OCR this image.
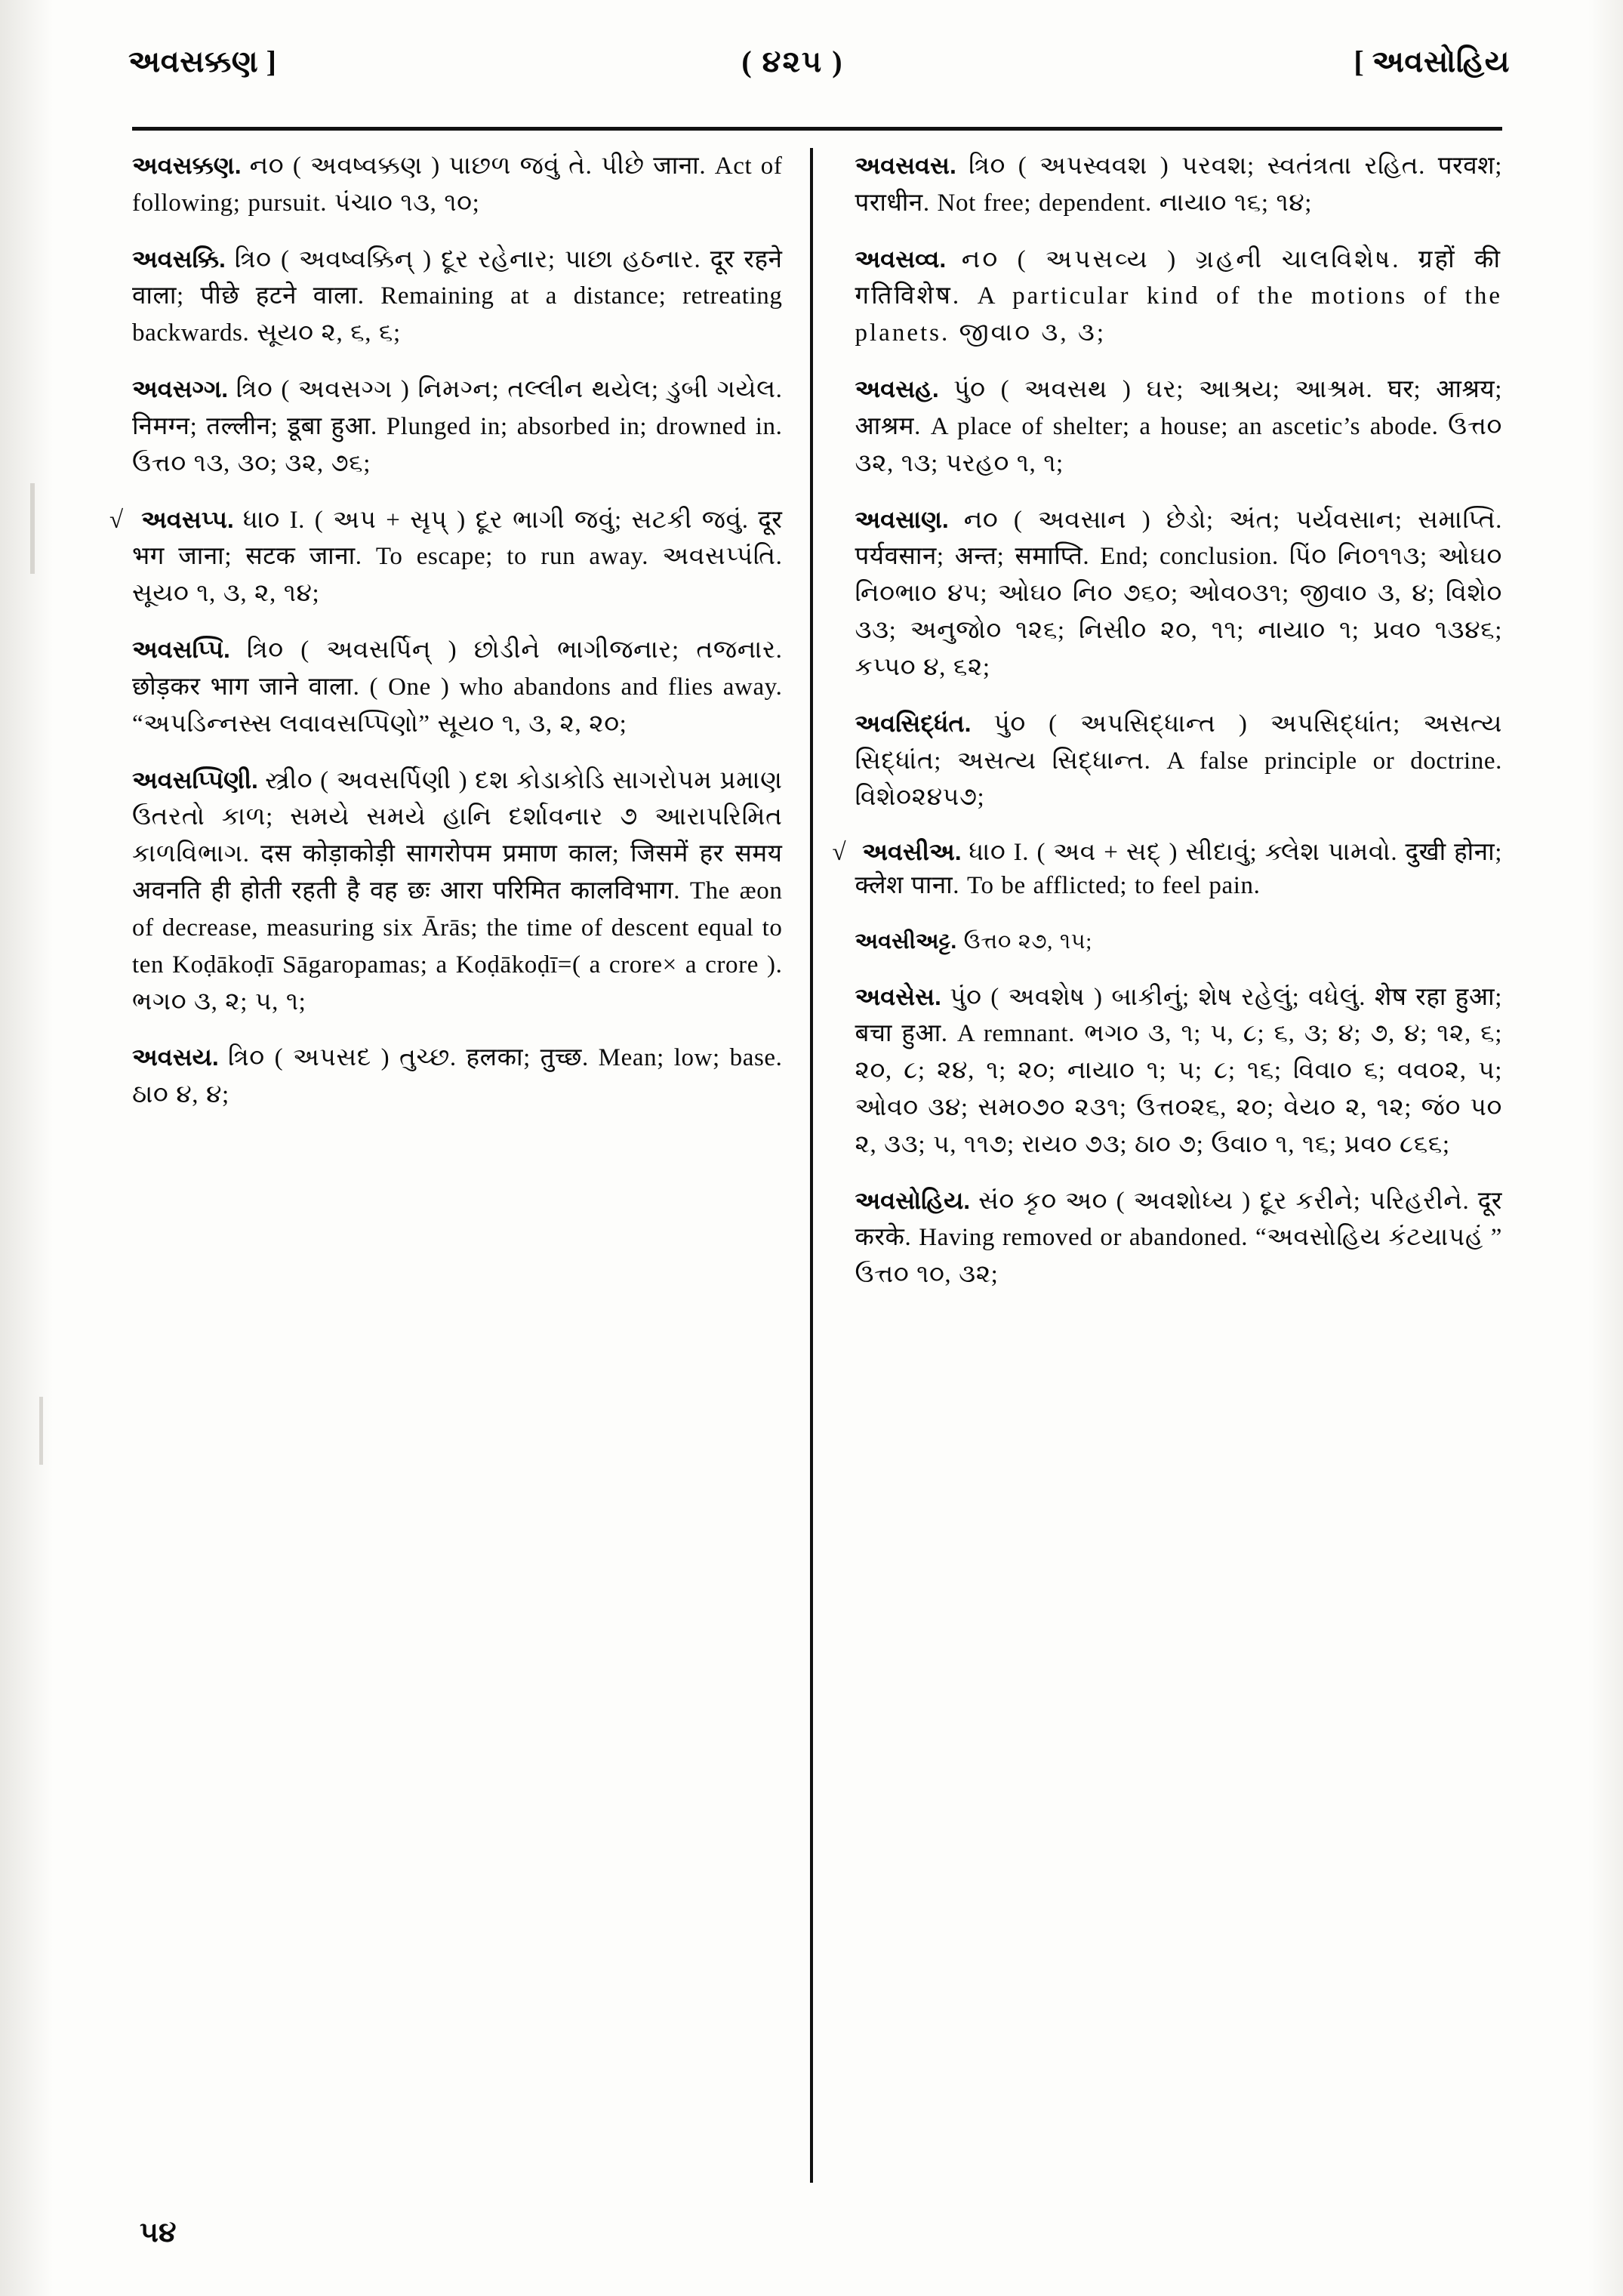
અવસક્કણ ]	( ૪૨૫ )	[ અવસોહિય
અવસક્કણ. ન૦ ( અવષ્વક્કણ ) પાછળ જવું તે. પીછે जाना. Act of following; pursuit. પંચા૦ ૧૩, ૧૦;
અવસક્કિ. ત્રિ૦ ( અવષ્વક્કિન્ ) દૂર રહેનાર; પાછા હઠનાર. दूर रहने वाला; पीछे हटने वाला. Remaining at a distance; retreating backwards. સૂય૦ ૨, ૬, ૬;
અવસગ્ગ. ત્રિ૦ ( અવસગ્ગ ) નિમગ્ન; તલ્લીન થયેલ; ડુબી ગયેલ. निमग्न; तल्लीन; डूबा हुआ. Plunged in; absorbed in; drowned in. ઉત્ત૦ ૧૩, ૩૦; ૩૨, ૭૬;
√ અવસપ્પ. ધા૦ I. ( અપ + સૃપ્ ) દૂર ભાગી જવું; સટકી જવું. दूर भग जाना; सटक जाना. To escape; to run away. અવસપ્પંતિ. સૂય૦ ૧, ૩, ૨, ૧૪;
અવસપ્પિ. ત્રિ૦ ( અવસર્પિન્ ) છોડીને ભાગીજનાર; તજનાર. छोड़कर भाग जाने वाला. ( One ) who abandons and flies away. “અપડિન્નસ્સ લવાવસપ્પિણો” સૂય૦ ૧, ૩, ૨, ૨૦;
અવસપ્પિણી. સ્ત્રી૦ ( અવસર્પિણી ) દશ કોડાકોડિ સાગરોપમ પ્રમાણ ઉતરતો કાળ; સમયે સમયે હાનિ દર્શાવનાર ૭ આરાપરિમિત કાળવિભાગ. दस कोड़ाकोड़ी सागरोपम प्रमाण काल; जिसमें हर समय अवनति ही होती रहती है वह छः आरा परिमित कालविभाग. The æon of decrease, measuring six Ārās; the time of descent equal to ten Koḍākoḍī Sāgaropamas; a Koḍākoḍī=( a crore× a crore ). ભગ૦ ૩, ૨; ૫, ૧;
અવસય. ત્રિ૦ ( અપસદ ) તુચ્છ. हलका; तुच्छ. Mean; low; base. ઠા૦ ૪, ૪;
અવસવસ. ત્રિ૦ ( અપસ્વવશ ) પરવશ; સ્વતંત્રતા રહિત. परवश; पराधीन. Not free; dependent. નાયા૦ ૧૬; ૧૪;
અવસવ્વ. ન૦ ( અપસવ્ય ) ગ્રહની ચાલવિશેષ. ग्रहों की गतिविशेष. A particular kind of the motions of the planets. જીવા૦ ૩, ૩;
અવસહ. પું૦ ( અવસથ ) ઘર; આશ્રય; આશ્રમ. घर; आश्रय; आश्रम. A place of shelter; a house; an ascetic’s abode. ઉત્ત૦ ૩૨, ૧૩; પરહ૦ ૧, ૧;
અવસાણ. ન૦ ( અવસાન ) છેડો; અંત; પર્યવસાન; સમાપ્તિ. पर्यवसान; अन्त; समाप्ति. End; conclusion. પિં૦ નિ૦૧૧૩; ઓઘ૦ નિ૦ભા૦ ૪૫; ઓઘ૦ નિ૦ ૭૬૦; ઓવ૦૩૧; જીવા૦ ૩, ૪; વિશે૦ ૩૩; અનુજો૦ ૧૨૬; નિસી૦ ૨૦, ૧૧; નાયા૦ ૧; પ્રવ૦ ૧૩૪૬; કપ્પ૦ ૪, ૬૨;
અવસિદ્ધંત. પું૦ ( અપસિદ્ધાન્ત ) અપસિદ્ધાંત; અસત્ય સિદ્ધાંત; અસત્ય સિદ્ધાન્ત. A false principle or doctrine. વિશે૦૨૪૫૭;
√ અવસીઅ. ધા૦ I. ( અવ + સદ્ ) સીદાવું; ક્લેશ પામવો. दुखी होना; क्लेश पाना. To be afflicted; to feel pain.
અવસીઅટ્ટ. ઉત્ત૦ ૨૭, ૧૫;
અવસેસ. પું૦ ( અવશેષ ) બાકીનું; શેષ રહેલું; વધેલું. शेष रहा हुआ; बचा हुआ. A remnant. ભગ૦ ૩, ૧; ૫, ૮; ૬, ૩; ૪; ૭, ૪; ૧૨, ૬; ૨૦, ૮; ૨૪, ૧; ૨૦; નાયા૦ ૧; ૫; ૮; ૧૬; વિવા૦ ૬; વવ૦૨, ૫; ઓવ૦ ૩૪; સમ૦૭૦ ૨૩૧; ઉત્ત૦૨૬, ૨૦; વેય૦ ૨, ૧૨; જં૦ પ૦ ૨, ૩૩; ૫, ૧૧૭; રાય૦ ૭૩; ઠા૦ ૭; ઉવા૦ ૧, ૧૬; પ્રવ૦ ૮૬૬;
અવસોહિય. સં૦ કૃ૦ અ૦ ( અવશોધ્ય ) દૂર કરીને; પરિહરીને. दूर करके. Having removed or abandoned. “અવસોહિય કંટયાપહં ” ઉત્ત૦ ૧૦, ૩૨;
૫૪
